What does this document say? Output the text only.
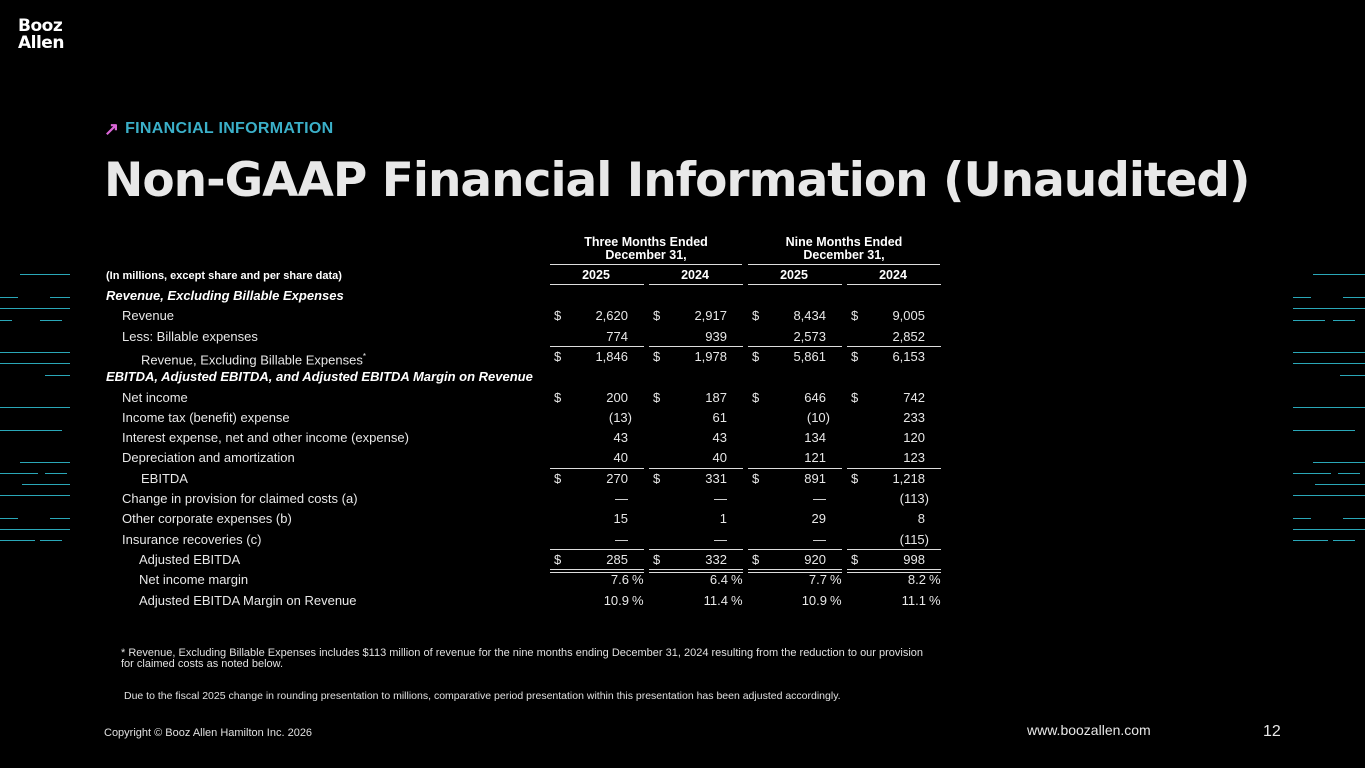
Booz
Allen
↗ FINANCIAL INFORMATION
Non-GAAP Financial Information (Unaudited)
Three Months Ended
December 31,
Nine Months Ended
December 31,
(In millions, except share and per share data)	2025	2024	2025	2024
Revenue, Excluding Billable Expenses
Revenue	$	2,620 $	2,917 $	8,434 $	9,005
Less: Billable expenses	774	939	2,573	2,852
Revenue, Excluding Billable Expenses*	$	1,846 $	1,978 $	5,861 $	6,153
EBITDA, Adjusted EBITDA, and Adjusted EBITDA Margin on Revenue
Net income	$	200 $	187 $	646 $	742
Income tax (benefit) expense	(13)	61	(10)	233
Interest expense, net and other income (expense)	43	43	134	120
Depreciation and amortization	40	40	121	123
EBITDA	$	270 $	331 $	891 $	1,218
Change in provision for claimed costs (a)	—	—	—	(113)
Other corporate expenses (b)	15	1	29	8
Insurance recoveries (c)	—	—	—	(115)
Adjusted EBITDA	$	285 $	332 $	920 $	998
Net income margin	7.6 %	6.4 %	7.7 %	8.2 %
Adjusted EBITDA Margin on Revenue	10.9 %	11.4 %	10.9 %	11.1 %
* Revenue, Excluding Billable Expenses includes $113 million of revenue for the nine months ending December 31, 2024 resulting from the reduction to our provision for claimed costs as noted below.
Due to the fiscal 2025 change in rounding presentation to millions, comparative period presentation within this presentation has been adjusted accordingly.
Copyright © Booz Allen Hamilton Inc. 2026	www.boozallen.com	12
